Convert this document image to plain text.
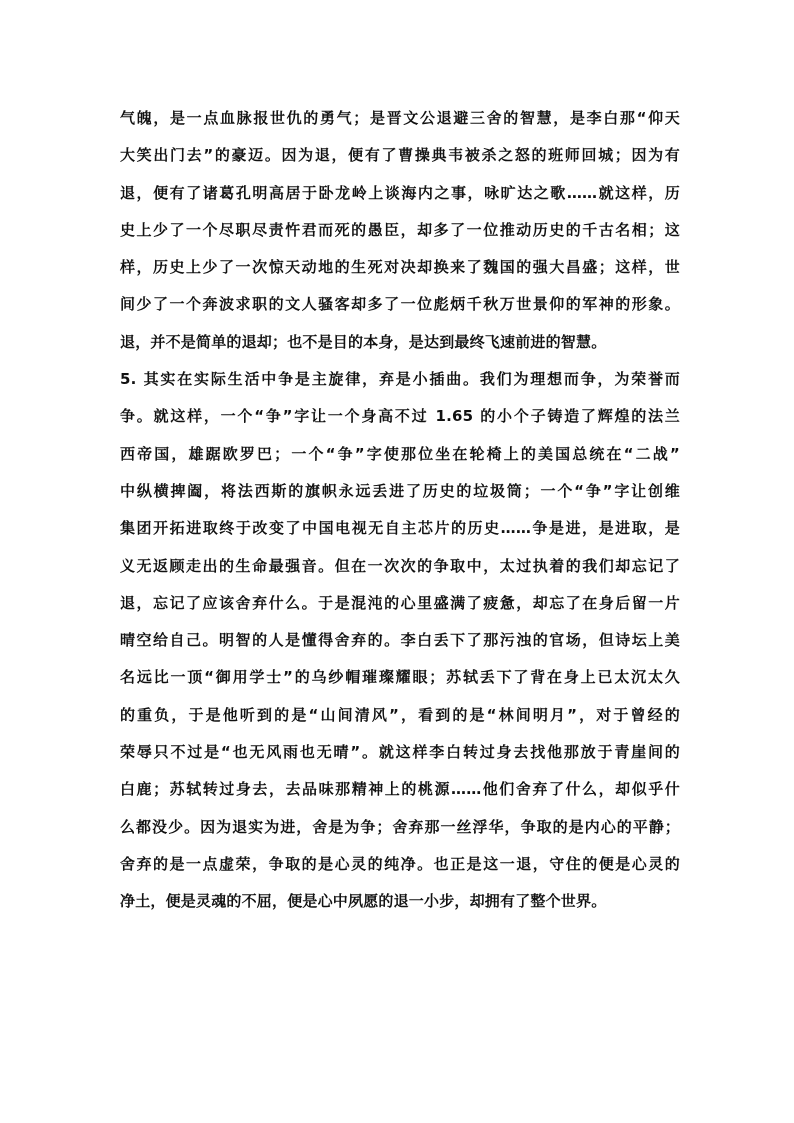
气魄，是一点血脉报世仇的勇气；是晋文公退避三舍的智慧，是李白那“仰天
大笑出门去”的豪迈。因为退，便有了曹操典韦被杀之怒的班师回城；因为有
退，便有了诸葛孔明高居于卧龙岭上谈海内之事，咏旷达之歌……就这样，历
史上少了一个尽职尽责忤君而死的愚臣，却多了一位推动历史的千古名相；这
样，历史上少了一次惊天动地的生死对决却换来了魏国的强大昌盛；这样，世
间少了一个奔波求职的文人骚客却多了一位彪炳千秋万世景仰的军神的形象。
退，并不是简单的退却；也不是目的本身，是达到最终飞速前进的智慧。
5. 其实在实际生活中争是主旋律，弃是小插曲。我们为理想而争，为荣誉而
争。就这样，一个“争”字让一个身高不过 1.65 的小个子铸造了辉煌的法兰
西帝国，雄踞欧罗巴；一个“争”字使那位坐在轮椅上的美国总统在“二战”
中纵横捭阖，将法西斯的旗帜永远丢进了历史的垃圾筒；一个“争”字让创维
集团开拓进取终于改变了中国电视无自主芯片的历史……争是进，是进取，是
义无返顾走出的生命最强音。但在一次次的争取中，太过执着的我们却忘记了
退，忘记了应该舍弃什么。于是混沌的心里盛满了疲惫，却忘了在身后留一片
晴空给自己。明智的人是懂得舍弃的。李白丢下了那污浊的官场，但诗坛上美
名远比一顶“御用学士”的乌纱帽璀璨耀眼；苏轼丢下了背在身上已太沉太久
的重负，于是他听到的是“山间清风”，看到的是“林间明月”，对于曾经的
荣辱只不过是“也无风雨也无晴”。就这样李白转过身去找他那放于青崖间的
白鹿；苏轼转过身去，去品味那精神上的桃源……他们舍弃了什么，却似乎什
么都没少。因为退实为进，舍是为争；舍弃那一丝浮华，争取的是内心的平静；
舍弃的是一点虚荣，争取的是心灵的纯净。也正是这一退，守住的便是心灵的
净土，便是灵魂的不屈，便是心中夙愿的退一小步，却拥有了整个世界。
